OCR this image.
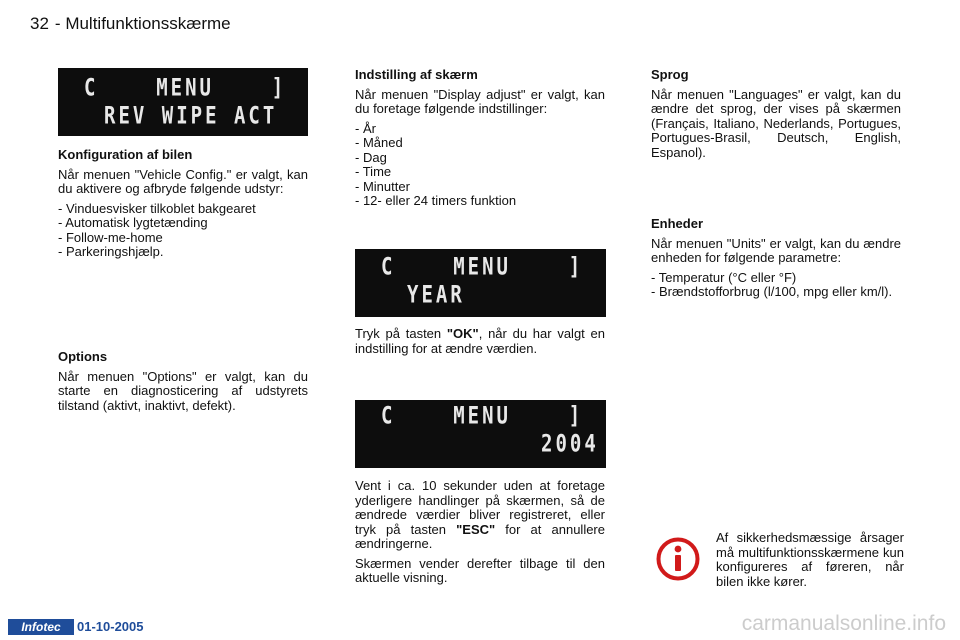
32 - Multifunktionsskærme
C    MENU    ]
REV WIPE ACT
Konfiguration af bilen

Når menuen "Vehicle Config." er valgt, kan du aktivere og afbryde følgende udstyr:

- Vinduesvisker tilkoblet bakgearet
- Automatisk lygtetænding
- Follow-me-home
- Parkeringshjælp.
Options

Når menuen "Options" er valgt, kan du starte en diagnosticering af udstyrets tilstand (aktivt, inaktivt, defekt).

Indstilling af skærm

Når menuen "Display adjust" er valgt, kan du foretage følgende indstillinger:

- År
- Måned
- Dag
- Time
- Minutter
- 12- eller 24 timers funktion
C    MENU    ]
YEAR

Tryk på tasten "OK", når du har valgt en indstilling for at ændre værdien.

C    MENU    ]
2004

Vent i ca. 10 sekunder uden at foretage yderligere handlinger på skærmen, så de ændrede værdier bliver registreret, eller tryk på tasten "ESC" for at annullere ændringerne.

Skærmen vender derefter tilbage til den aktuelle visning.

Sprog

Når menuen "Languages" er valgt, kan du ændre det sprog, der vises på skærmen (Français, Italiano, Nederlands, Portugues, Portugues-Brasil, Deutsch, English, Espanol).

Enheder

Når menuen "Units" er valgt, kan du ændre enheden for følgende parametre:

- Temperatur (°C eller °F)
- Brændstofforbrug (l/100, mpg eller km/l).

Af sikkerhedsmæssige årsager må multifunktionsskærmene kun konfigureres af føreren, når bilen ikke kører.

Infotec	01-10-2005	carmanualsonline.info
